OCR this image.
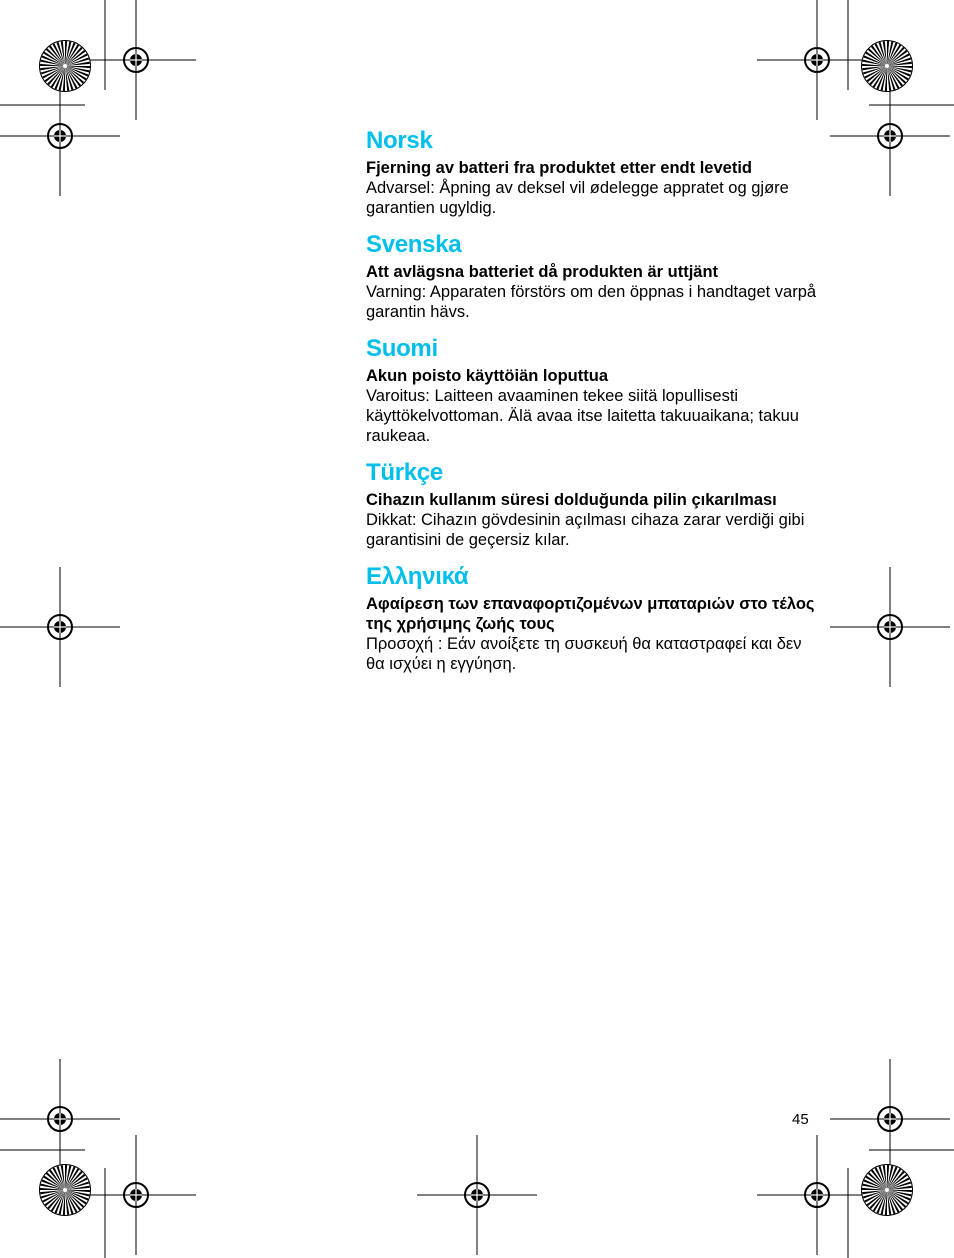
Norsk
Fjerning av batteri fra produktet etter endt levetid
Advarsel: Åpning av deksel vil ødelegge appratet og gjøre garantien ugyldig.
Svenska
Att avlägsna batteriet då produkten är uttjänt
Varning: Apparaten förstörs om den öppnas i handtaget varpå garantin hävs.
Suomi
Akun poisto käyttöiän loputtua
Varoitus: Laitteen avaaminen tekee siitä lopullisesti käyttökelvottoman. Älä avaa itse laitetta takuuaikana; takuu raukeaa.
Türkçe
Cihazın kullanım süresi dolduğunda pilin çıkarılması
Dikkat: Cihazın gövdesinin açılması cihaza zarar verdiği gibi garantisini de geçersiz kılar.
Ελληνικά
Αφαίρεση των επαναφορτιζομένων μπαταριών στο τέλος της χρήσιμης ζωής τους
Προσοχή : Εάν ανοίξετε τη συσκευή θα καταστραφεί και δεν θα ισχύει η εγγύηση.
45
